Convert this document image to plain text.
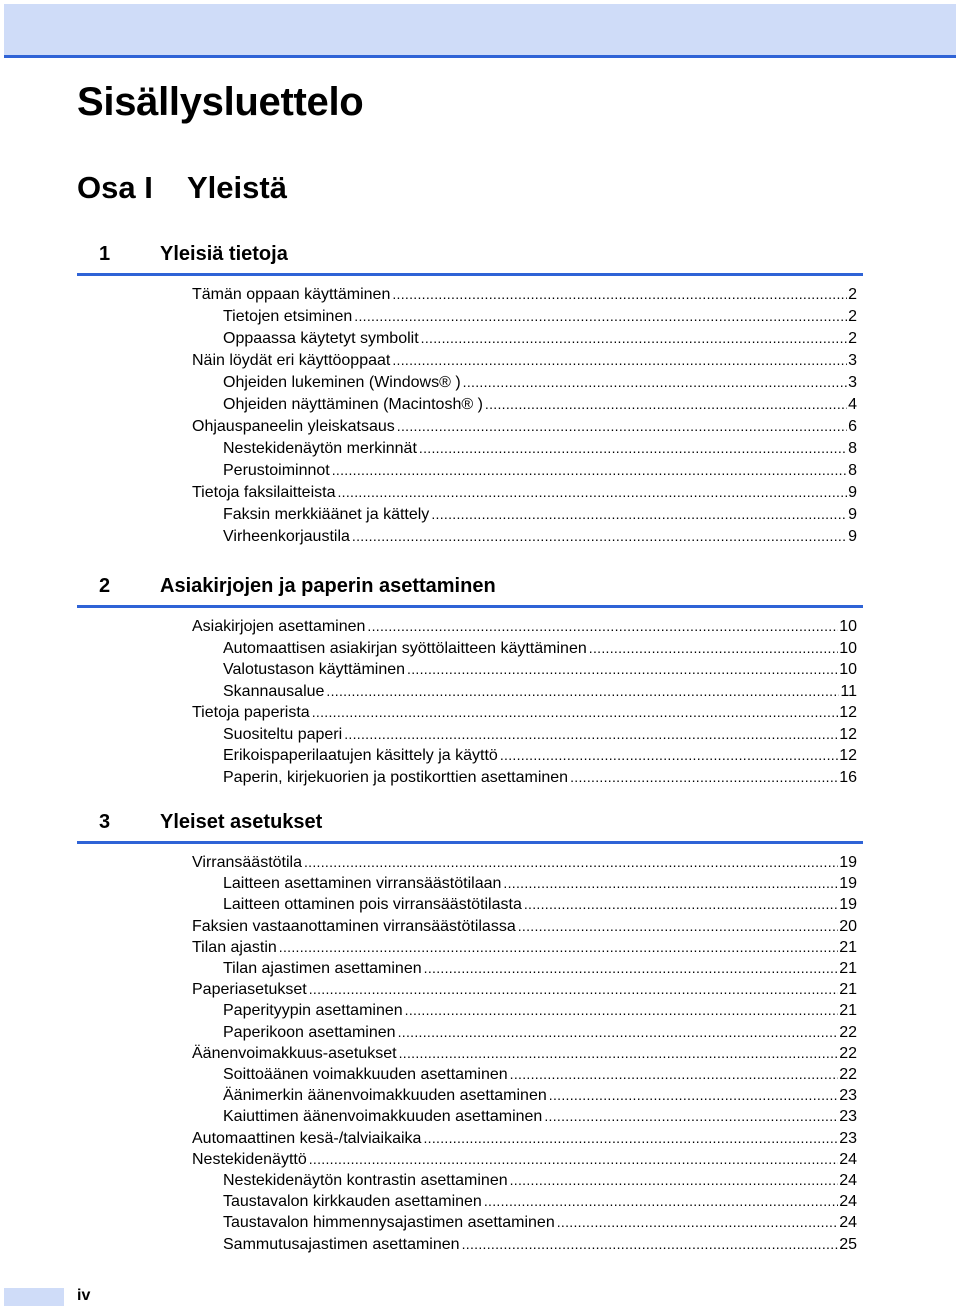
Sisällysluettelo
Osa I Yleistä
1 Yleisiä tietoja
Tämän oppaan käyttäminen .....	2
Tietojen etsiminen .....	2
Oppaassa käytetyt symbolit .....	2
Näin löydät eri käyttöoppaat .....	3
Ohjeiden lukeminen (Windows® ) .....	3
Ohjeiden näyttäminen (Macintosh® ) .....	4
Ohjauspaneelin yleiskatsaus .....	6
Nestekidenäytön merkinnät .....	8
Perustoiminnot .....	8
Tietoja faksilaitteista .....	9
Faksin merkkiäänet ja kättely .....	9
Virheenkorjaustila .....	9
2 Asiakirjojen ja paperin asettaminen
Asiakirjojen asettaminen .....	10
Automaattisen asiakirjan syöttölaitteen käyttäminen .....	10
Valotustason käyttäminen .....	10
Skannausalue .....	11
Tietoja paperista .....	12
Suositeltu paperi .....	12
Erikoispaperilaatujen käsittely ja käyttö .....	12
Paperin, kirjekuorien ja postikorttien asettaminen .....	16
3 Yleiset asetukset
Virransäästötila .....	19
Laitteen asettaminen virransäästötilaan .....	19
Laitteen ottaminen pois virransäästötilasta .....	19
Faksien vastaanottaminen virransäästötilassa .....	20
Tilan ajastin .....	21
Tilan ajastimen asettaminen .....	21
Paperiasetukset .....	21
Paperityypin asettaminen .....	21
Paperikoon asettaminen .....	22
Äänenvoimakkuus-asetukset .....	22
Soittoäänen voimakkuuden asettaminen .....	22
Äänimerkin äänenvoimakkuuden asettaminen .....	23
Kaiuttimen äänenvoimakkuuden asettaminen .....	23
Automaattinen kesä-/talviaikaika .....	23
Nestekidenäyttö .....	24
Nestekidenäytön kontrastin asettaminen .....	24
Taustavalon kirkkauden asettaminen .....	24
Taustavalon himmennysajastimen asettaminen .....	24
Sammutusajastimen asettaminen .....	25
iv
